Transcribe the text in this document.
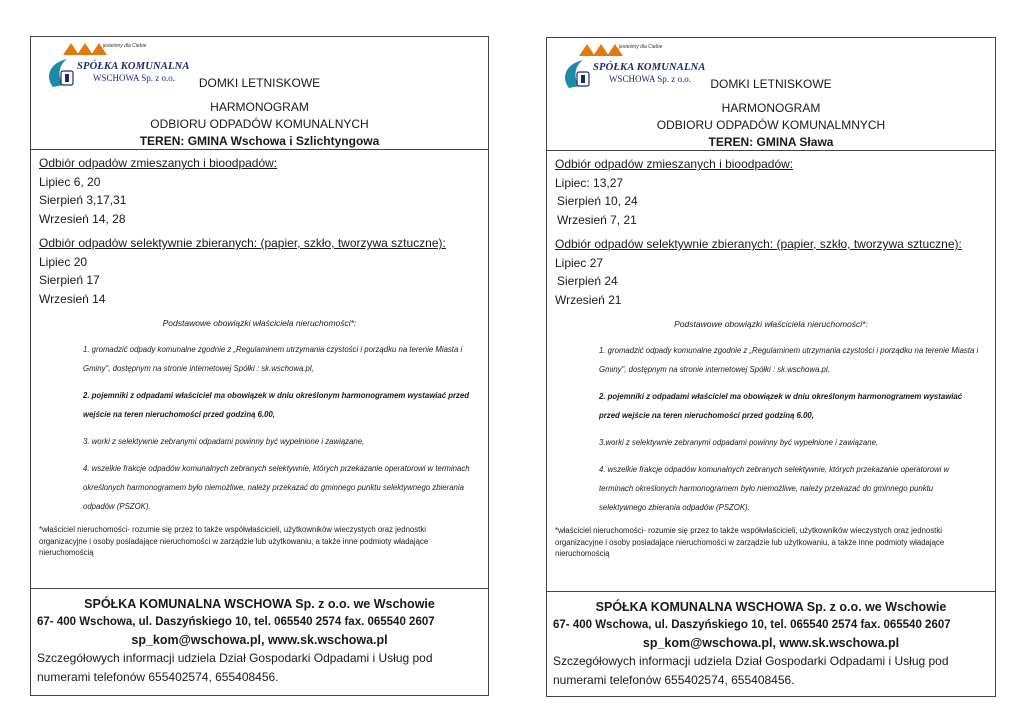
jesteśmy dla Ciebie
SPÓŁKA KOMUNALNA
WSCHOWA Sp. z o.o.	DOMKI LETNISKOWE
HARMONOGRAM
ODBIORU ODPADÓW KOMUNALNYCH
TEREN: GMINA Wschowa i Szlichtyngowa
Odbiór odpadów zmieszanych i bioodpadów:
Lipiec 6, 20
Sierpień 3,17,31
Wrzesień 14, 28
Odbiór odpadów selektywnie zbieranych: (papier, szkło, tworzywa sztuczne):
Lipiec 20
Sierpień 17
Wrzesień 14
Podstawowe obowiązki właściciela nieruchomości*:
1. gromadzić odpady komunalne zgodnie z „Regulaminem utrzymania czystości i porządku na terenie Miasta i Gminy", dostępnym na stronie internetowej Spółki : sk.wschowa.pl,
2. pojemniki z odpadami właściciel ma obowiązek w dniu określonym harmonogramem wystawiać przed wejście na teren nieruchomości przed godziną 6.00,
3. worki z selektywnie zebranymi odpadami powinny być wypełnione i zawiązane,
4. wszelkie frakcje odpadów komunalnych zebranych selektywnie, których przekazanie operatorowi w terminach określonych harmonogramem było niemożliwe, należy przekazać do gminnego punktu selektywnego zbierania odpadów (PSZOK).
*właściciel nieruchomości- rozumie się przez to także współwłaścicieli, użytkowników wieczystych oraz jednostki organizacyjne i osoby posiadające nieruchomości w zarządzie lub użytkowaniu, a także inne podmioty władające nieruchomością
SPÓŁKA KOMUNALNA WSCHOWA Sp. z o.o. we Wschowie
67- 400 Wschowa, ul. Daszyńskiego 10, tel. 065540 2574 fax. 065540 2607
sp_kom@wschowa.pl, www.sk.wschowa.pl
Szczegółowych informacji udziela Dział Gospodarki Odpadami i Usług pod numerami telefonów 655402574, 655408456.
jesteśmy dla Ciebie
SPÓŁKA KOMUNALNA
WSCHOWA Sp. z o.o.	DOMKI LETNISKOWE
HARMONOGRAM
ODBIORU ODPADÓW KOMUNALMNYCH
TEREN: GMINA Sława
Odbiór odpadów zmieszanych i bioodpadów:
Lipiec: 13,27
Sierpień 10, 24
Wrzesień 7, 21
Odbiór odpadów selektywnie zbieranych: (papier, szkło, tworzywa sztuczne):
Lipiec 27
Sierpień 24
Wrzesień 21
Podstawowe obowiązki właściciela nieruchomości*:
1. gromadzić odpady komunalne zgodnie z „Regulaminem utrzymania czystości i porządku na terenie Miasta i Gminy", dostępnym na stronie internetowej Spółki : sk.wschowa.pl,
2. pojemniki z odpadami właściciel ma obowiązek w dniu określonym harmonogramem wystawiać przed wejście na teren nieruchomości przed godziną 6.00,
3.worki z selektywnie zebranymi odpadami powinny być wypełnione i zawiązane,
4. wszelkie frakcje odpadów komunalnych zebranych selektywnie, których przekazanie operatorowi w terminach określonych harmonogramem było niemożliwe, należy przekazać do gminnego punktu selektywnego zbierania odpadów (PSZOK).
*właściciel nieruchomości- rozumie się przez to także współwłaścicieli, użytkowników wieczystych oraz jednostki organizacyjne i osoby posiadające nieruchomości w zarządzie lub użytkowaniu, a także inne podmioty władające nieruchomością
SPÓŁKA KOMUNALNA WSCHOWA Sp. z o.o. we Wschowie
67- 400 Wschowa, ul. Daszyńskiego 10, tel. 065540 2574 fax. 065540 2607
sp_kom@wschowa.pl, www.sk.wschowa.pl
Szczegółowych informacji udziela Dział Gospodarki Odpadami i Usług pod numerami telefonów 655402574, 655408456.
